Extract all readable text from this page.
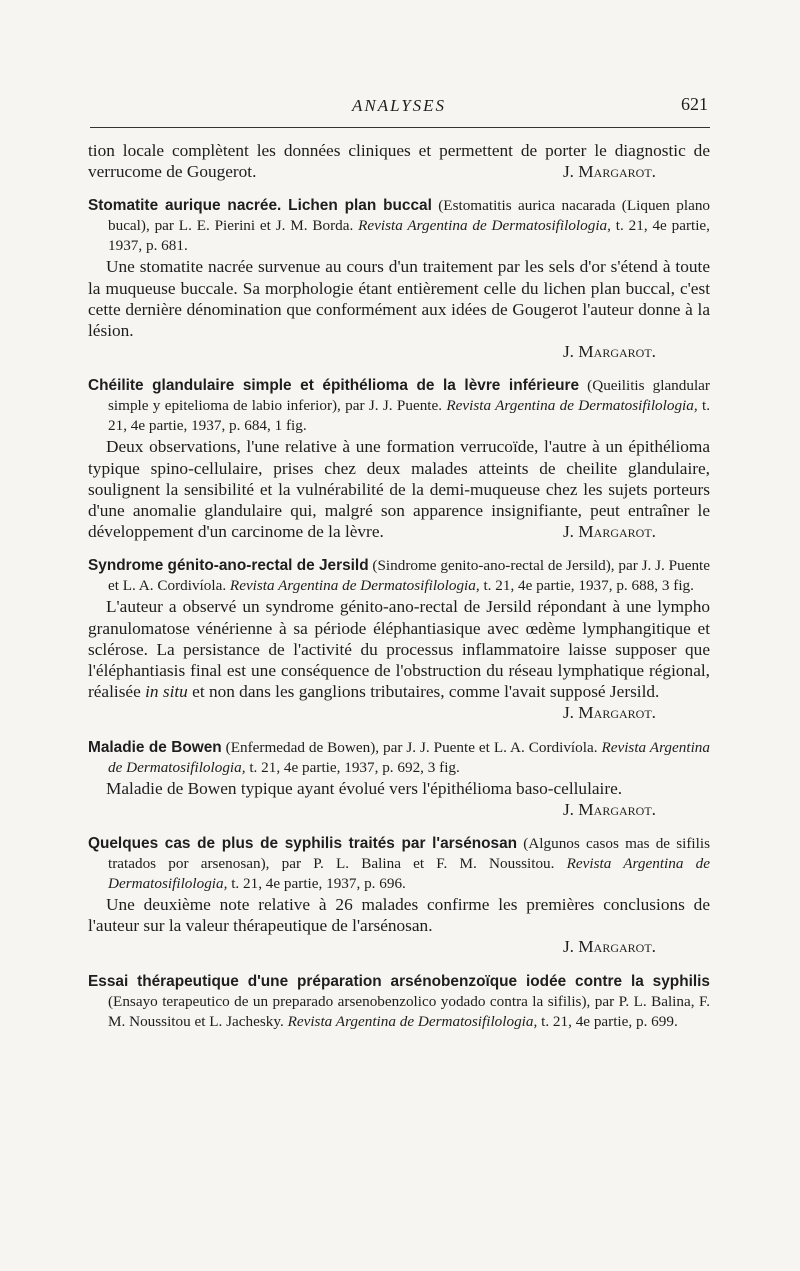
ANALYSES	621

tion locale complètent les données cliniques et permettent de porter le diagnostic de verrucome de Gougerot.	J. Margarot.

Stomatite aurique nacrée. Lichen plan buccal (Estomatitis aurica nacarada (Liquen plano bucal), par L. E. Pierini et J. M. Borda. Revista Argentina de Dermatosifilologia, t. 21, 4e partie, 1937, p. 681.

Une stomatite nacrée survenue au cours d'un traitement par les sels d'or s'étend à toute la muqueuse buccale. Sa morphologie étant entièrement celle du lichen plan buccal, c'est cette dernière dénomination que conformément aux idées de Gougerot l'auteur donne à la lésion.

J. Margarot.

Chéilite glandulaire simple et épithélioma de la lèvre inférieure (Queilitis glandular simple y epitelioma de labio inferior), par J. J. Puente. Revista Argentina de Dermatosifilologia, t. 21, 4e partie, 1937, p. 684, 1 fig.

Deux observations, l'une relative à une formation verrucoïde, l'autre à un épithélioma typique spino-cellulaire, prises chez deux malades atteints de cheilite glandulaire, soulignent la sensibilité et la vulnérabilité de la demi-muqueuse chez les sujets porteurs d'une anomalie glandulaire qui, malgré son apparence insignifiante, peut entraîner le développement d'un carcinome de la lèvre.	J. Margarot.

Syndrome génito-ano-rectal de Jersild (Sindrome genito-ano-rectal de Jersild), par J. J. Puente et L. A. Cordivíola. Revista Argentina de Dermatosifilologia, t. 21, 4e partie, 1937, p. 688, 3 fig.

L'auteur a observé un syndrome génito-ano-rectal de Jersild répondant à une lympho granulomatose vénérienne à sa période éléphantiasique avec œdème lymphangitique et sclérose. La persistance de l'activité du processus inflammatoire laisse supposer que l'éléphantiasis final est une conséquence de l'obstruction du réseau lymphatique régional, réalisée in situ et non dans les ganglions tributaires, comme l'avait supposé Jersild.
J. Margarot.

Maladie de Bowen (Enfermedad de Bowen), par J. J. Puente et L. A. Cordivíola. Revista Argentina de Dermatosifilologia, t. 21, 4e partie, 1937, p. 692, 3 fig.

Maladie de Bowen typique ayant évolué vers l'épithélioma baso-cellulaire.
J. Margarot.

Quelques cas de plus de syphilis traités par l'arsénosan (Algunos casos mas de sifilis tratados por arsenosan), par P. L. Balina et F. M. Noussitou. Revista Argentina de Dermatosifilologia, t. 21, 4e partie, 1937, p. 696.

Une deuxième note relative à 26 malades confirme les premières conclusions de l'auteur sur la valeur thérapeutique de l'arsénosan.

J. Margarot.

Essai thérapeutique d'une préparation arsénobenzoïque iodée contre la syphilis (Ensayo terapeutico de un preparado arsenobenzolico yodado contra la sifilis), par P. L. Balina, F. M. Noussitou et L. Jachesky. Revista Argentina de Dermatosifilologia, t. 21, 4e partie, p. 699.
